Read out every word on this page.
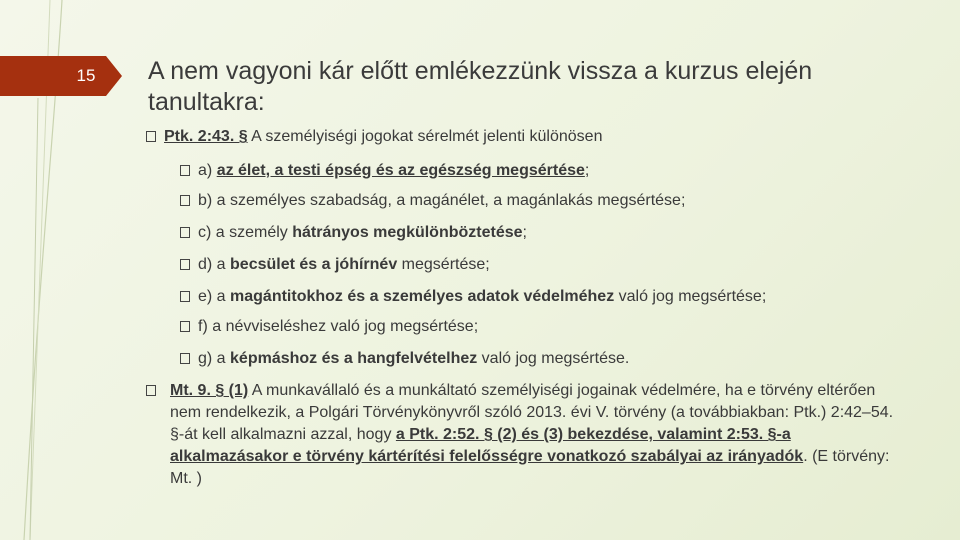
15 A nem vagyoni kár előtt emlékezzünk vissza a kurzus elején tanultakra:
Ptk. 2:43. § A személyiségi jogokat sérelmét jelenti különösen
a) az élet, a testi épség és az egészség megsértése;
b) a személyes szabadság, a magánélet, a magánlakás megsértése;
c) a személy hátrányos megkülönböztetése;
d) a becsület és a jóhírnév megsértése;
e) a magántitokhoz és a személyes adatok védelméhez való jog megsértése;
f) a névviseléshez való jog megsértése;
g) a képmáshoz és a hangfelvételhez való jog megsértése.
Mt. 9. § (1) A munkavállaló és a munkáltató személyiségi jogainak védelmére, ha e törvény eltérően nem rendelkezik, a Polgári Törvénykönyvről szóló 2013. évi V. törvény (a továbbiakban: Ptk.) 2:42–54. §-át kell alkalmazni azzal, hogy a Ptk. 2:52. § (2) és (3) bekezdése, valamint 2:53. §-a alkalmazásakor e törvény kártérítési felelősségre vonatkozó szabályai az irányadók. (E törvény: Mt. )
